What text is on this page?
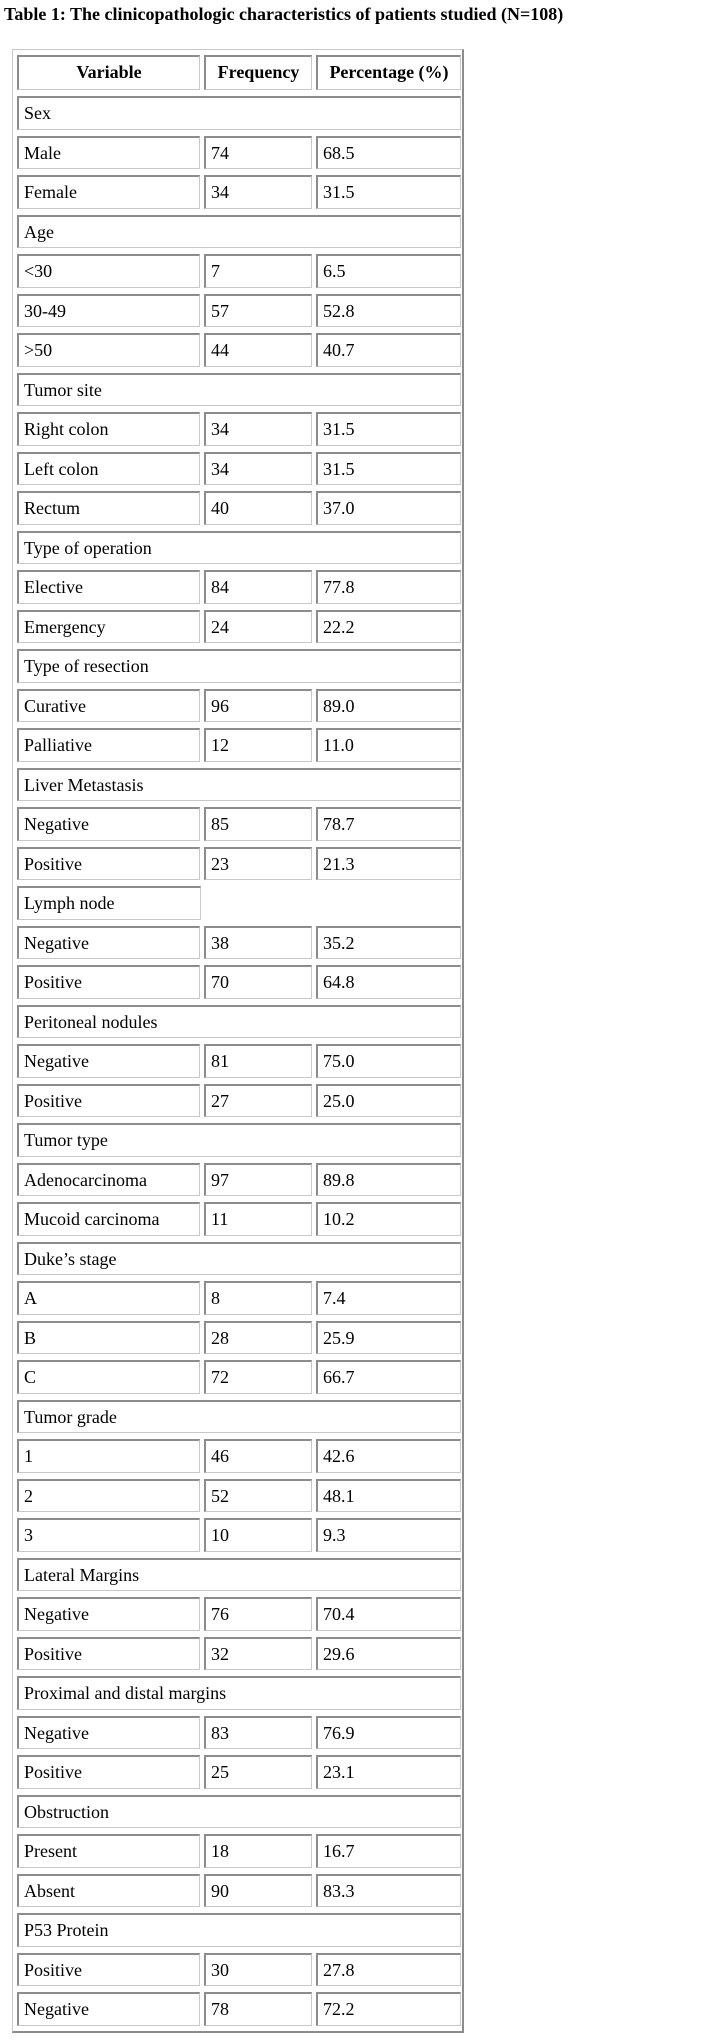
Table 1: The clinicopathologic characteristics of patients studied (N=108)
Variable	Frequency	Percentage (%)
Sex
Male	74	68.5
Female	34	31.5
Age
<30	7	6.5
30-49	57	52.8
>50	44	40.7
Tumor site
Right colon	34	31.5
Left colon	34	31.5
Rectum	40	37.0
Type of operation
Elective	84	77.8
Emergency	24	22.2
Type of resection
Curative	96	89.0
Palliative	12	11.0
Liver Metastasis
Negative	85	78.7
Positive	23	21.3
Lymph node
Negative	38	35.2
Positive	70	64.8
Peritoneal nodules
Negative	81	75.0
Positive	27	25.0
Tumor type
Adenocarcinoma	97	89.8
Mucoid carcinoma	11	10.2
Duke’s stage
A	8	7.4
B	28	25.9
C	72	66.7
Tumor grade
1	46	42.6
2	52	48.1
3	10	9.3
Lateral Margins
Negative	76	70.4
Positive	32	29.6
Proximal and distal margins
Negative	83	76.9
Positive	25	23.1
Obstruction
Present	18	16.7
Absent	90	83.3
P53 Protein
Positive	30	27.8
Negative	78	72.2
